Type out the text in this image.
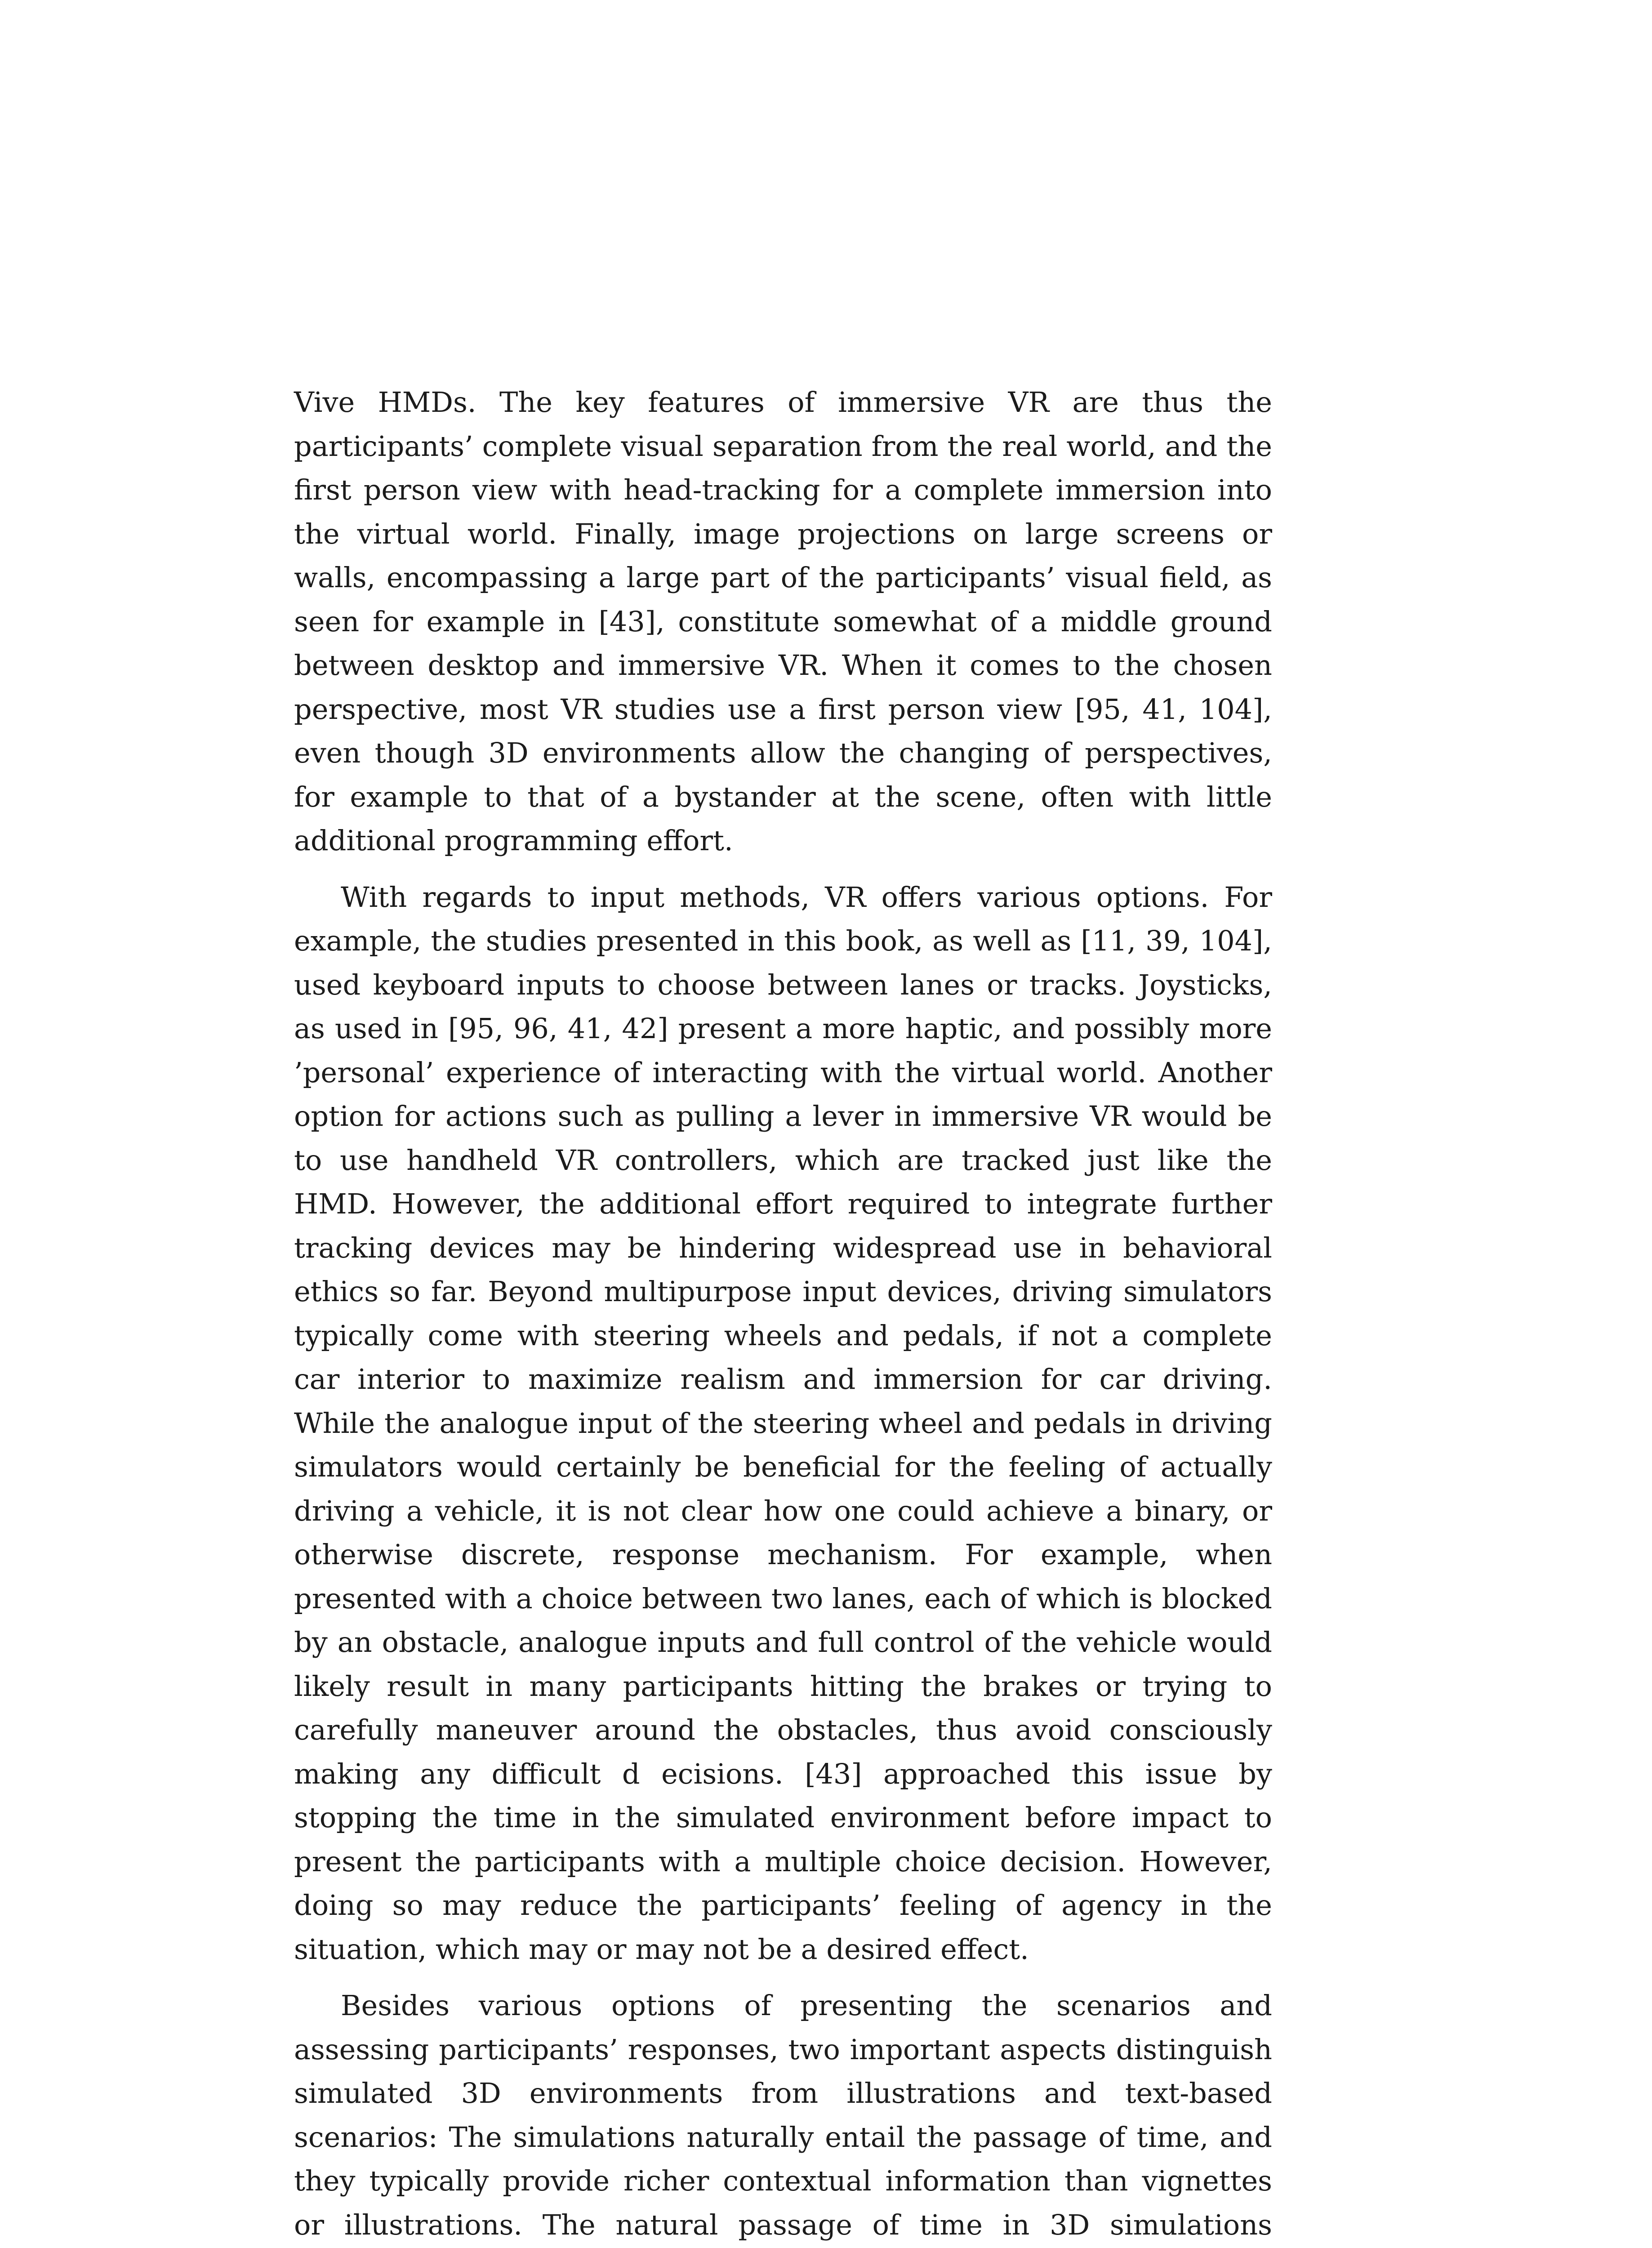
Vive HMDs. The key features of immersive VR are thus the participants’ complete visual separation from the real world, and the first person view with head-tracking for a complete immersion into the virtual world. Finally, image projections on large screens or walls, encompassing a large part of the participants’ visual field, as seen for example in [43], constitute somewhat of a middle ground between desktop and immersive VR. When it comes to the chosen perspective, most VR studies use a first person view [95, 41, 104], even though 3D environments allow the changing of perspectives, for example to that of a bystander at the scene, often with little additional programming effort.

With regards to input methods, VR offers various options. For example, the studies presented in this book, as well as [11, 39, 104], used keyboard inputs to choose between lanes or tracks. Joysticks, as used in [95, 96, 41, 42] present a more haptic, and possibly more ’personal’ experience of interacting with the virtual world. Another option for actions such as pulling a lever in immersive VR would be to use handheld VR controllers, which are tracked just like the HMD. However, the additional effort required to integrate further tracking devices may be hindering widespread use in behavioral ethics so far. Beyond multipurpose input devices, driving simulators typically come with steering wheels and pedals, if not a complete car interior to maximize realism and immersion for car driving. While the analogue input of the steering wheel and pedals in driving simulators would certainly be beneficial for the feeling of actually driving a vehicle, it is not clear how one could achieve a binary, or otherwise discrete, response mechanism. For example, when presented with a choice between two lanes, each of which is blocked by an obstacle, analogue inputs and full control of the vehicle would likely result in many participants hitting the brakes or trying to carefully maneuver around the obstacles, thus avoid consciously making any difficult d ecisions. [43] approached this issue by stopping the time in the simulated environment before impact to present the participants with a multiple choice decision. However, doing so may reduce the participants’ feeling of agency in the situation, which may or may not be a desired effect.

Besides various options of presenting the scenarios and assessing participants’ responses, two important aspects distinguish simulated 3D environments from illustrations and text-based scenarios: The simulations naturally entail the passage of time, and they typically provide richer contextual information than vignettes or illustrations. The natural passage of time in 3D simulations
